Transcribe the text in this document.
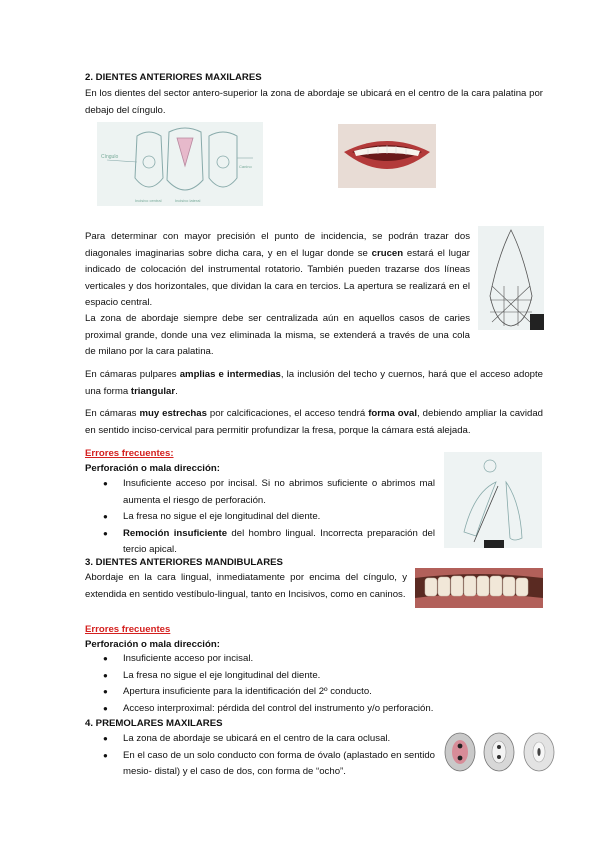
2. DIENTES ANTERIORES MAXILARES
En los dientes del sector antero-superior la zona de abordaje se ubicará en el centro de la cara palatina por debajo del cíngulo.
Cíngulo
Incisivo central	Incisivo lateral
Canino
Para determinar con mayor precisión el punto de incidencia, se podrán trazar dos diagonales imaginarias sobre dicha cara, y en el lugar donde se crucen estará el lugar indicado de colocación del instrumental rotatorio. También pueden trazarse dos líneas verticales y dos horizontales, que dividan la cara en tercios. La apertura se realizará en el espacio central.
La zona de abordaje siempre debe ser centralizada aún en aquellos casos de caries proximal grande, donde una vez eliminada la misma, se extenderá a través de una cola de milano por la cara palatina.
En cámaras pulpares amplias e intermedias, la inclusión del techo y cuernos, hará que el acceso adopte una forma triangular.
En cámaras muy estrechas por calcificaciones, el acceso tendrá forma oval, debiendo ampliar la cavidad en sentido inciso-cervical para permitir profundizar la fresa, porque la cámara está alejada.
Errores frecuentes:
Perforación o mala dirección:
● Insuficiente acceso por incisal. Si no abrimos suficiente o abrimos mal aumenta el riesgo de perforación.
● La fresa no sigue el eje longitudinal del diente.
● Remoción insuficiente del hombro lingual. Incorrecta preparación del tercio apical.
3. DIENTES ANTERIORES MANDIBULARES
Abordaje en la cara lingual, inmediatamente por encima del cíngulo, y extendida en sentido vestíbulo-lingual, tanto en Incisivos, como en caninos.
Errores frecuentes
Perforación o mala dirección:
● Insuficiente acceso por incisal.
● La fresa no sigue el eje longitudinal del diente.
● Apertura insuficiente para la identificación del 2º conducto.
● Acceso interproximal: pérdida del control del instrumento y/o perforación.
4. PREMOLARES MAXILARES
● La zona de abordaje se ubicará en el centro de la cara oclusal.
● En el caso de un solo conducto con forma de óvalo (aplastado en sentido mesio- distal) y el caso de dos, con forma de “ocho”.
